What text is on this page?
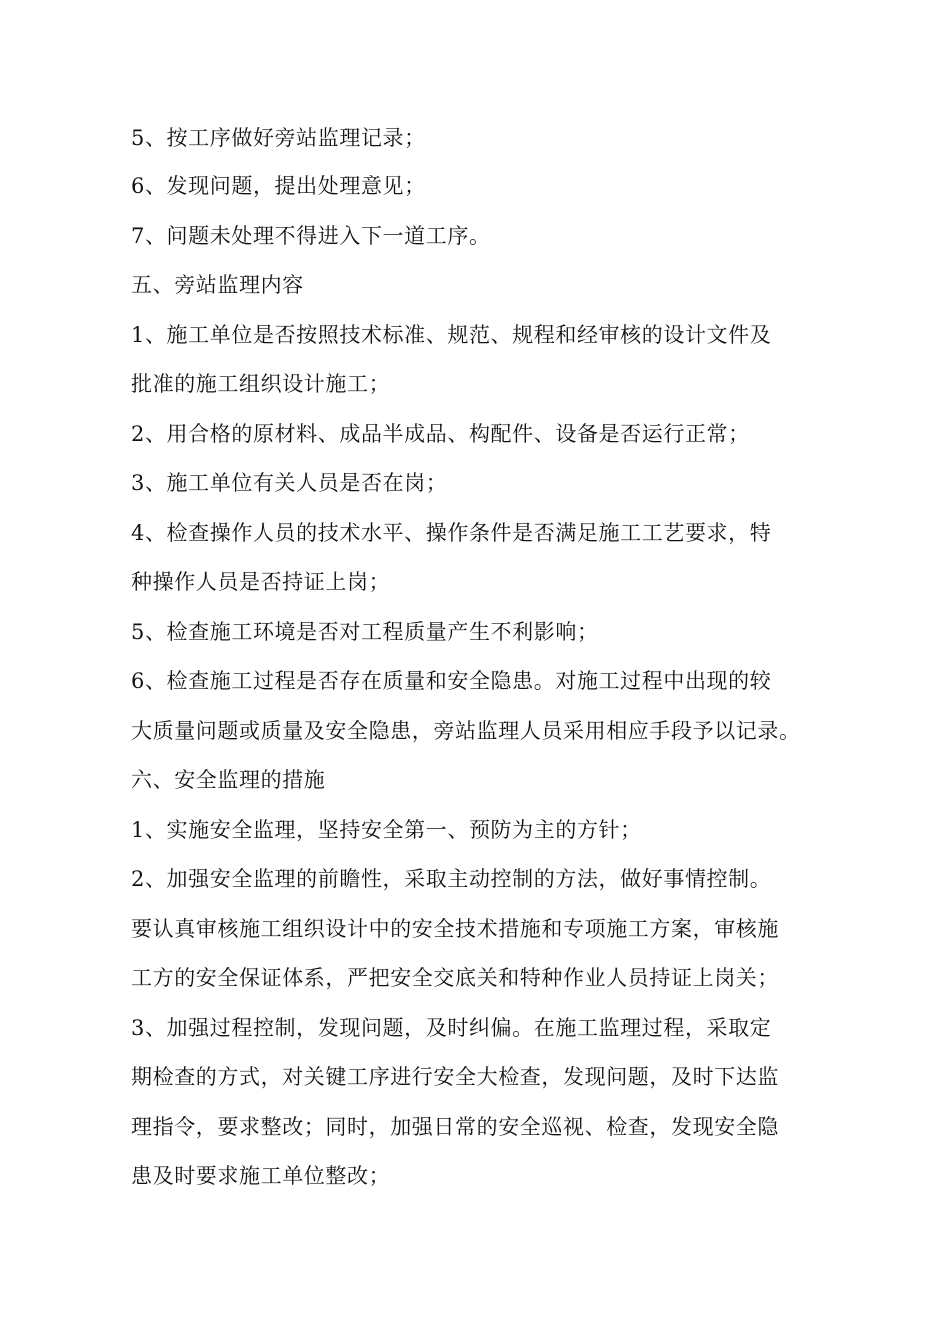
5、按工序做好旁站监理记录；
6、发现问题，提出处理意见；
7、问题未处理不得进入下一道工序。
五、旁站监理内容
1、施工单位是否按照技术标准、规范、规程和经审核的设计文件及
批准的施工组织设计施工；
2、用合格的原材料、成品半成品、构配件、设备是否运行正常；
3、施工单位有关人员是否在岗；
4、检查操作人员的技术水平、操作条件是否满足施工工艺要求，特
种操作人员是否持证上岗；
5、检查施工环境是否对工程质量产生不利影响；
6、检查施工过程是否存在质量和安全隐患。对施工过程中出现的较
大质量问题或质量及安全隐患，旁站监理人员采用相应手段予以记录。
六、安全监理的措施
1、实施安全监理，坚持安全第一、预防为主的方针；
2、加强安全监理的前瞻性，采取主动控制的方法，做好事情控制。
要认真审核施工组织设计中的安全技术措施和专项施工方案，审核施
工方的安全保证体系，严把安全交底关和特种作业人员持证上岗关；
3、加强过程控制，发现问题，及时纠偏。在施工监理过程，采取定
期检查的方式，对关键工序进行安全大检查，发现问题，及时下达监
理指令，要求整改；同时，加强日常的安全巡视、检查，发现安全隐
患及时要求施工单位整改；
